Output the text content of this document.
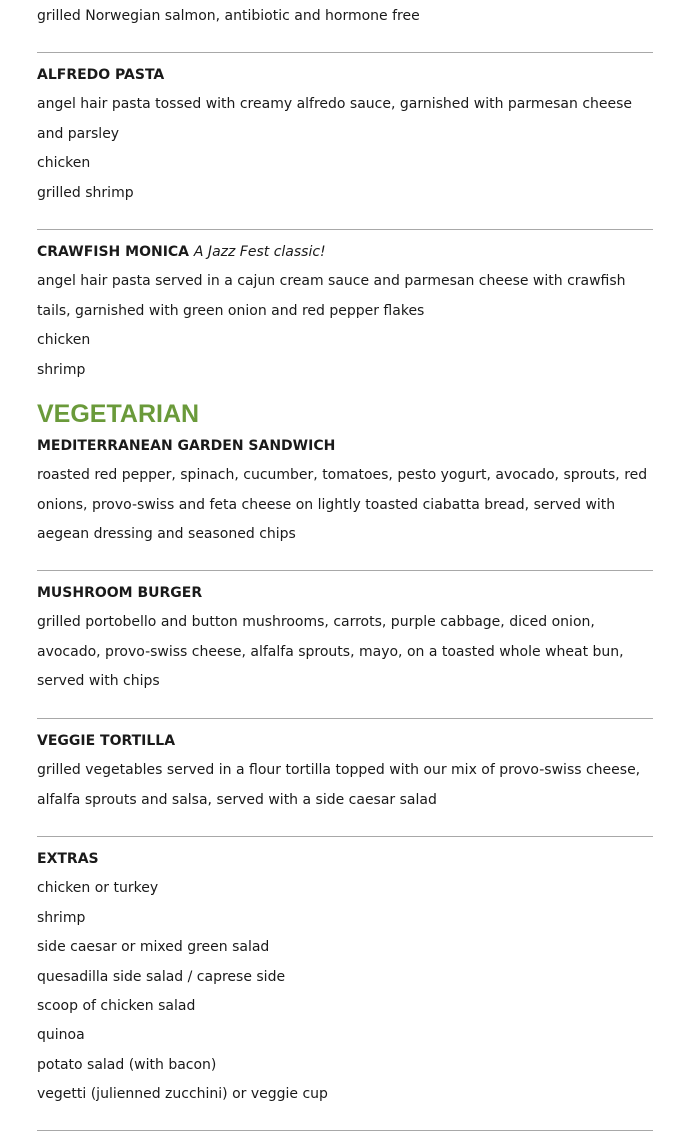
grilled Norwegian salmon, antibiotic and hormone free

ALFREDO PASTA

angel hair pasta tossed with creamy alfredo sauce, garnished with parmesan cheese and parsley

chicken

grilled shrimp

CRAWFISH MONICA A Jazz Fest classic!

angel hair pasta served in a cajun cream sauce and parmesan cheese with crawfish tails, garnished with green onion and red pepper flakes

chicken

shrimp

VEGETARIAN

MEDITERRANEAN GARDEN SANDWICH

roasted red pepper, spinach, cucumber, tomatoes, pesto yogurt, avocado, sprouts, red onions, provo-swiss and feta cheese on lightly toasted ciabatta bread, served with aegean dressing and seasoned chips

MUSHROOM BURGER

grilled portobello and button mushrooms, carrots, purple cabbage, diced onion, avocado, provo-swiss cheese, alfalfa sprouts, mayo, on a toasted whole wheat bun, served with chips

VEGGIE TORTILLA

grilled vegetables served in a flour tortilla topped with our mix of provo-swiss cheese, alfalfa sprouts and salsa, served with a side caesar salad

EXTRAS

chicken or turkey

shrimp

side caesar or mixed green salad

quesadilla side salad / caprese side

scoop of chicken salad

quinoa

potato salad (with bacon)

vegetti (julienned zucchini) or veggie cup
